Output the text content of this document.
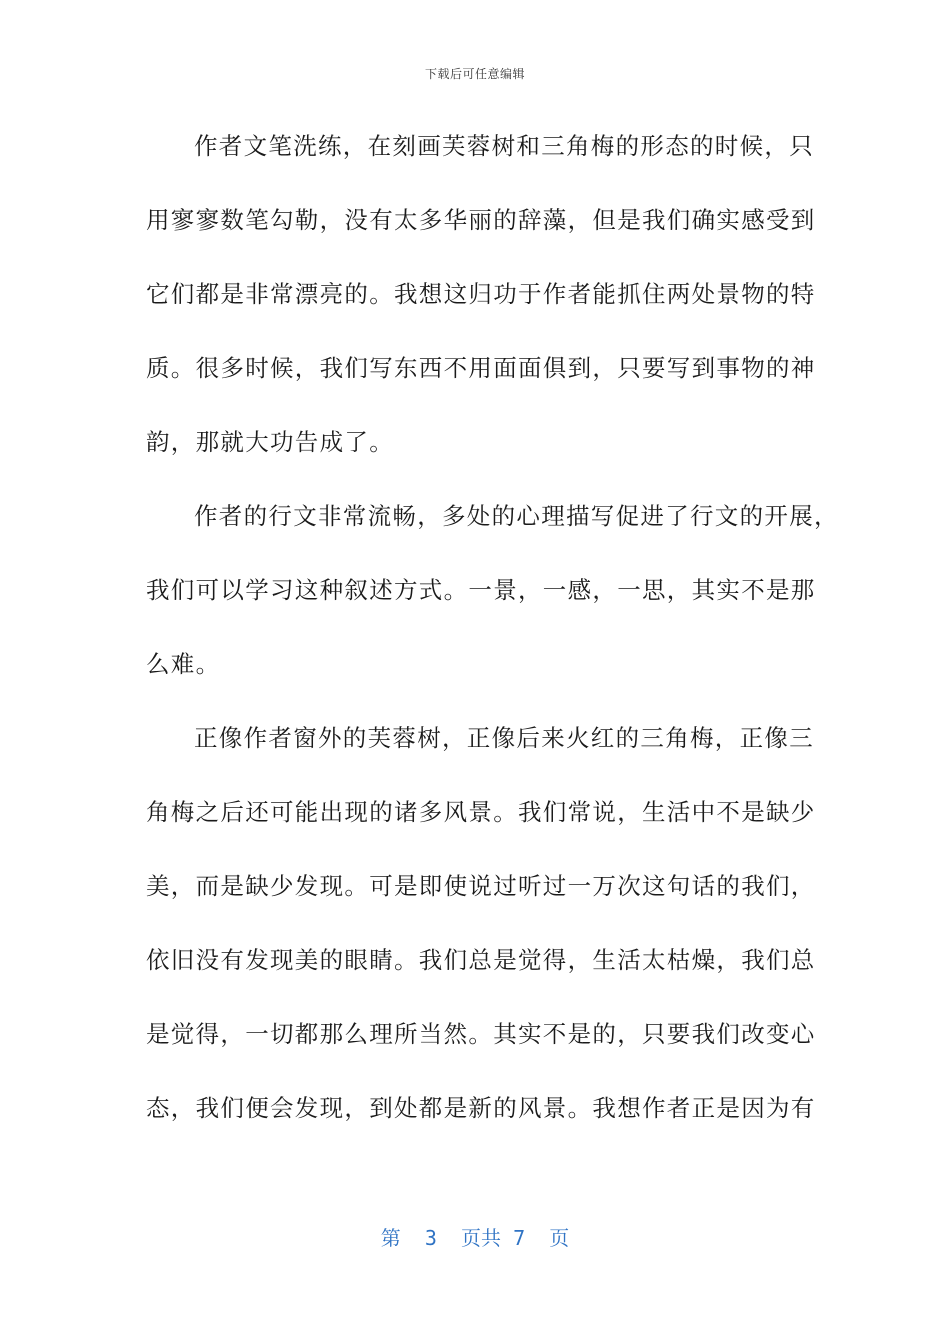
下载后可任意编辑
作者文笔洗练，在刻画芙蓉树和三角梅的形态的时候，只
用寥寥数笔勾勒，没有太多华丽的辞藻，但是我们确实感受到
它们都是非常漂亮的。我想这归功于作者能抓住两处景物的特
质。很多时候，我们写东西不用面面俱到，只要写到事物的神
韵，那就大功告成了。
作者的行文非常流畅，多处的心理描写促进了行文的开展，
我们可以学习这种叙述方式。一景，一感，一思，其实不是那
么难。
正像作者窗外的芙蓉树，正像后来火红的三角梅，正像三
角梅之后还可能出现的诸多风景。我们常说，生活中不是缺少
美，而是缺少发现。可是即使说过听过一万次这句话的我们，
依旧没有发现美的眼睛。我们总是觉得，生活太枯燥，我们总
是觉得，一切都那么理所当然。其实不是的，只要我们改变心
态，我们便会发现，到处都是新的风景。我想作者正是因为有
第 3 页共 7 页
